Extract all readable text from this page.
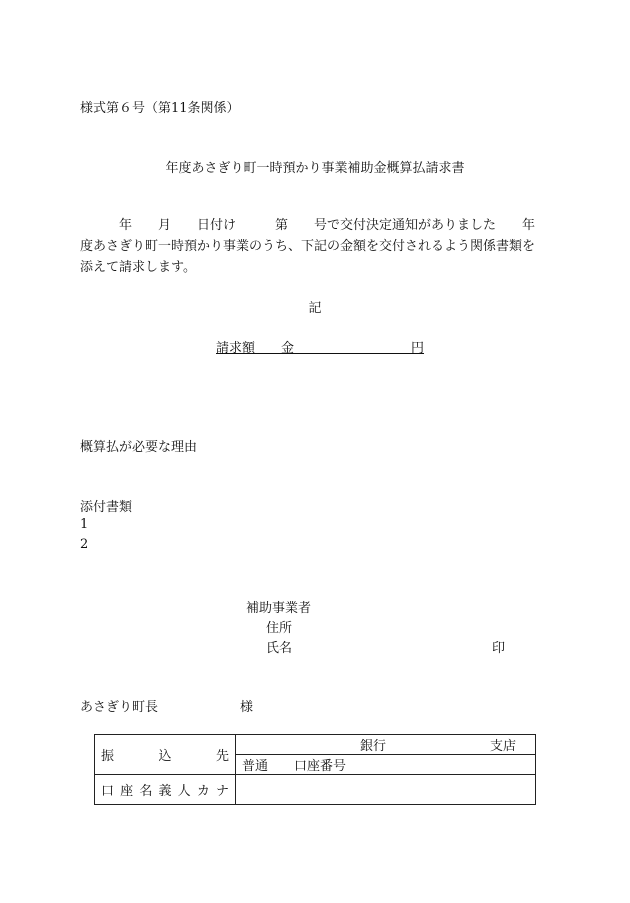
様式第６号（第11条関係）
年度あさぎり町一時預かり事業補助金概算払請求書
　　　年　　月　　日付け　　　第　　号で交付決定通知がありました　　年
度あさぎり町一時預かり事業のうち、下記の金額を交付されるよう関係書類を
添えて請求します。
記
請求額　　金　　　　　　　　　円
概算払が必要な理由
添付書類
1
2
補助事業者
住所
氏名	印
あさぎり町長	様
振　　込　　先	銀行　　　　　　　　支店　
	普通　　口座番号
口座名義人カナ	
